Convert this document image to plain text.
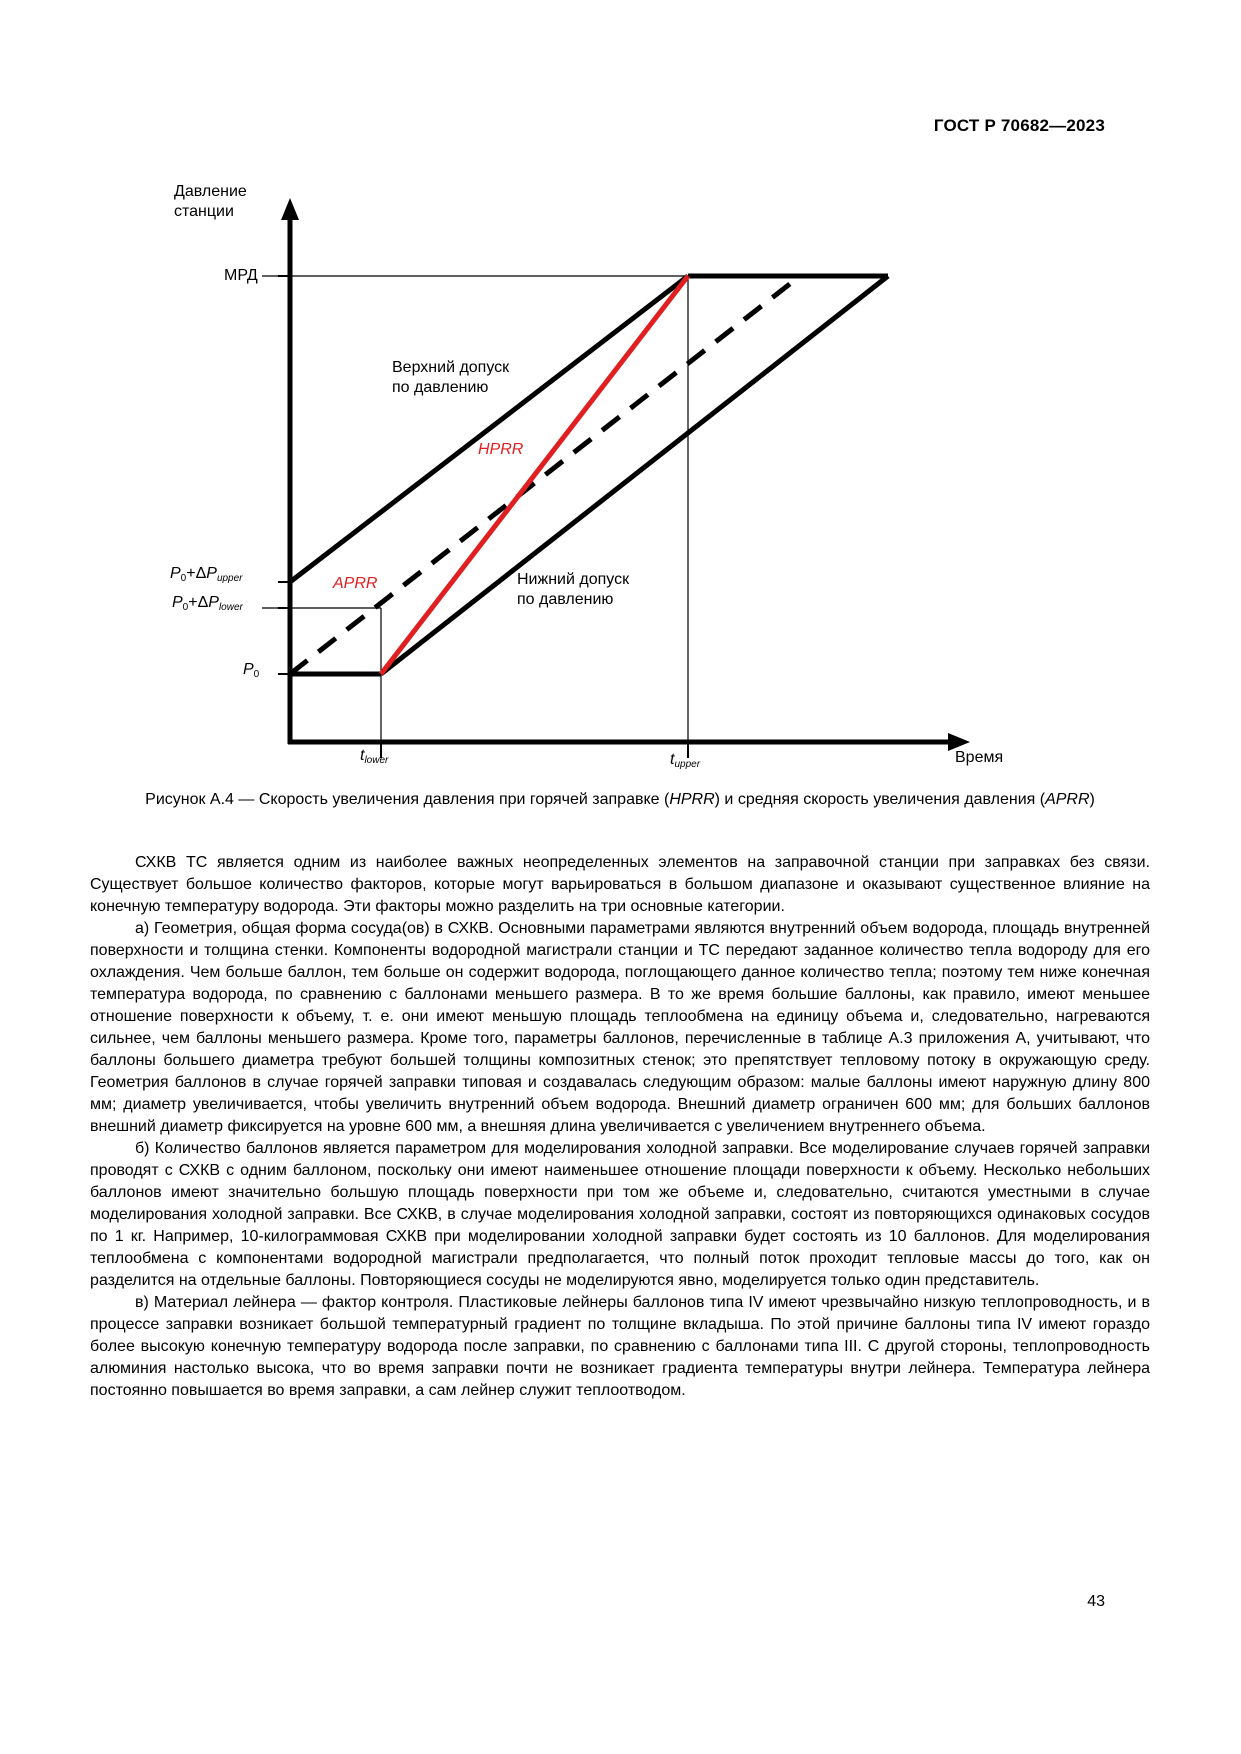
ГОСТ Р 70682—2023
Давление
станции
МРД
$P_0+\Delta P_{upper}$
$P_0+\Delta P_{lower}$
$P_0$
Верхний допуск
по давлению
Нижний допуск
по давлению
HPRR
APRR
$t_{lower}$	$t_{upper}$	Время
Рисунок А.4 — Скорость увеличения давления при горячей заправке (HPRR) и средняя скорость увеличения давления (APRR)

СХКВ ТС является одним из наиболее важных неопределенных элементов на заправочной станции при заправках без связи. Существует большое количество факторов, которые могут варьироваться в большом диапазоне и оказывают существенное влияние на конечную температуру водорода. Эти факторы можно разделить на три основные категории.

а) Геометрия, общая форма сосуда(ов) в СХКВ. Основными параметрами являются внутренний объем водорода, площадь внутренней поверхности и толщина стенки. Компоненты водородной магистрали станции и ТС передают заданное количество тепла водороду для его охлаждения. Чем больше баллон, тем больше он содержит водорода, поглощающего данное количество тепла; поэтому тем ниже конечная температура водорода, по сравнению с баллонами меньшего размера. В то же время большие баллоны, как правило, имеют меньшее отношение поверхности к объему, т. е. они имеют меньшую площадь теплообмена на единицу объема и, следовательно, нагреваются сильнее, чем баллоны меньшего размера. Кроме того, параметры баллонов, перечисленные в таблице А.3 приложения А, учитывают, что баллоны большего диаметра требуют большей толщины композитных стенок; это препятствует тепловому потоку в окружающую среду. Геометрия баллонов в случае горячей заправки типовая и создавалась следующим образом: малые баллоны имеют наружную длину 800 мм; диаметр увеличивается, чтобы увеличить внутренний объем водорода. Внешний диаметр ограничен 600 мм; для больших баллонов внешний диаметр фиксируется на уровне 600 мм, а внешняя длина увеличивается с увеличением внутреннего объема.

б) Количество баллонов является параметром для моделирования холодной заправки. Все моделирование случаев горячей заправки проводят с СХКВ с одним баллоном, поскольку они имеют наименьшее отношение площади поверхности к объему. Несколько небольших баллонов имеют значительно большую площадь поверхности при том же объеме и, следовательно, считаются уместными в случае моделирования холодной заправки. Все СХКВ, в случае моделирования холодной заправки, состоят из повторяющихся одинаковых сосудов по 1 кг. Например, 10-килограммовая СХКВ при моделировании холодной заправки будет состоять из 10 баллонов. Для моделирования теплообмена с компонентами водородной магистрали предполагается, что полный поток проходит тепловые массы до того, как он разделится на отдельные баллоны. Повторяющиеся сосуды не моделируются явно, моделируется только один представитель.

в) Материал лейнера — фактор контроля. Пластиковые лейнеры баллонов типа IV имеют чрезвычайно низкую теплопроводность, и в процессе заправки возникает большой температурный градиент по толщине вкладыша. По этой причине баллоны типа IV имеют гораздо более высокую конечную температуру водорода после заправки, по сравнению с баллонами типа III. С другой стороны, теплопроводность алюминия настолько высока, что во время заправки почти не возникает градиента температуры внутри лейнера. Температура лейнера постоянно повышается во время заправки, а сам лейнер служит теплоотводом.

43
